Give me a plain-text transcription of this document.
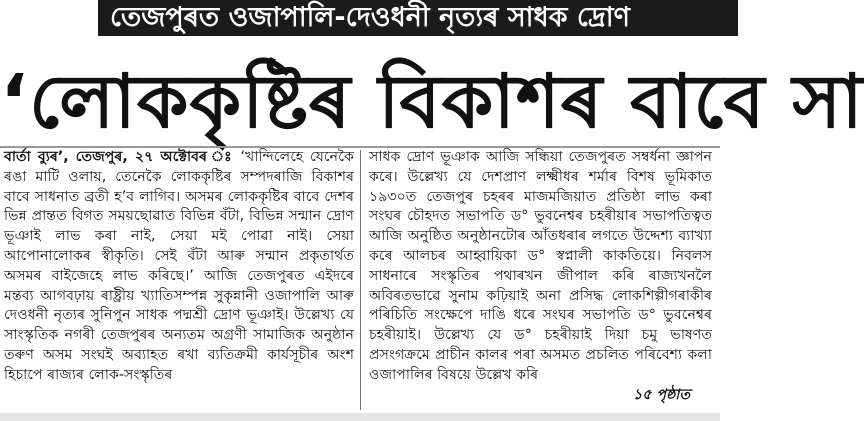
তেজপুৰত ওজাপালি-দেওধনী নৃত্যৰ সাধক দ্রোণ
‘লোককৃষ্টিৰ বিকাশৰ বাবে সা

বাৰ্তা ব্যুৰ’, তেজপুৰ, ২৭ অক্টোবৰ ঃ ‘খান্দিলেহে যেনেকৈ ৰঙা মাটি ওলায়, তেনেকৈ লোককৃষ্টিৰ সম্পদৰাজি বিকাশৰ বাবে সাধনাত ব্ৰতী হ’ব লাগিব। অসমৰ লোককৃষ্টিৰ বাবে দেশৰ ভিন্ন প্ৰান্তত বিগত সময়ছোৱাত বিভিন্ন বঁটা, বিভিন্ন সন্মান দ্ৰোণ ভূঞাই লাভ কৰা নাই, সেয়া মই পোৱা নাই। সেয়া আপোনালোকৰ স্বীকৃতি। সেই বঁটা আৰু সন্মান প্ৰকৃতাৰ্থত অসমৰ বাইজেহে লাভ কৰিছে।’ আজি তেজপুৰত এইদৰে মন্তব্য আগবঢ়ায় ৰাষ্ট্ৰীয় খ্যাতিসম্পন্ন সুকৃন্নানী ওজাপালি আৰু দেওধনী নৃত্যৰ সুনিপুন সাধক পদ্মশ্ৰী দ্ৰোণ ভূঞাই। উল্লেখ্য যে সাংস্কৃতিক নগৰী তেজপুৰৰ অন্যতম অগ্ৰণী সামাজিক অনুষ্ঠান তৰুণ অসম সংঘই অব্যাহত ৰখা ব্যতিক্ৰমী কাৰ্যসূচীৰ অংশ হিচাপে ৰাজ্যৰ লোক-সংস্কৃতিৰ

সাধক দ্ৰোণ ভূঞাক আজি সন্ধিয়া তেজপুৰত সম্বৰ্ধনা জ্ঞাপন কৰে। উল্লেখ্য যে দেশপ্ৰাণ লক্ষ্মীধৰ শৰ্মাৰ বিশষ ভূমিকাত ১৯৩০ত তেজপুৰ চহৰৰ মাজমজিয়াত প্ৰতিষ্ঠা লাভ কৰা সংঘৰ চৌহদত সভাপতি ড° ভুবনেশ্বৰ চহৰীয়াৰ সভাপতিত্বত আজি অনুষ্ঠিত অনুষ্ঠানটোৰ আঁতধৰাৰ লগতে উদ্দেশ্য ব্যাখ্যা কৰে আলচৰ আহ্বায়িকা ড° স্বপ্নালী কাকতিয়ে। নিবলস সাধনাৰে সংস্কৃতিৰ পথাৰখন জীপাল কৰি ৰাজ্যখনলৈ অবিৰতভাৱে সুনাম কঢ়িয়াই অনা প্ৰসিদ্ধ লোকশিল্পীগৰাকীৰ পৰিচিতি সংক্ষেপে দাঙি ধৰে সংঘৰ সভাপতি ড° ভুবনেশ্বৰ চহৰীয়াই। উল্লেখ্য যে ড° চহৰীয়াই দিয়া চমু ভাষণত প্ৰসংগক্ৰমে প্ৰাচীন কালৰ পৰা অসমত প্ৰচলিত পৰিবেশ্য কলা ওজাপালিৰ বিষয়ে উল্লেখ কৰি
১৫ পৃষ্ঠাত
